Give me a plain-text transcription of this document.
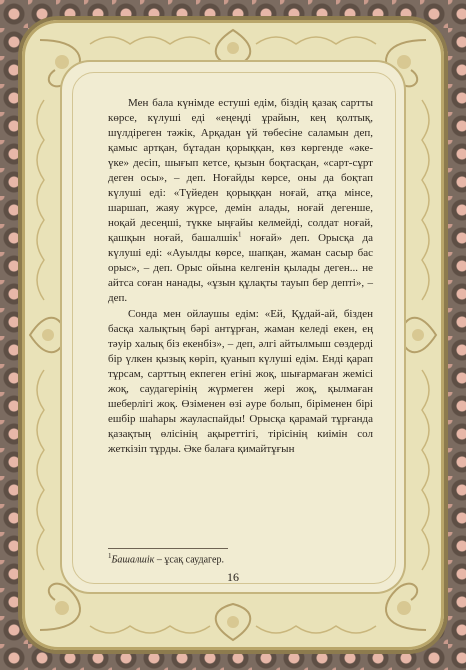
Мен бала күнімде естуші едім, біздің қазақ сартты көрсе, күлуші еді «еңеңді ұрайын, кең қолтық, шүлдіреген тәжік, Арқадан үй төбесіне саламын деп, қамыс артқан, бұтадан қорыққан, көз көргенде «әке-үке» десіп, шығып кетсе, қызын боқтасқан, «сарт-сұрт деген осы», – деп. Ноғайды көрсе, оны да боқтап күлуші еді: «Түйеден қорыққан ноғай, атқа мінсе, шаршап, жаяу жүрсе, демін алады, ноғай дегенше, ноқай десеңші, түкке ыңғайы келмейді, солдат ноғай, қашқын ноғай, башалшік$^1$ ноғай» деп. Орысқа да күлуші еді: «Ауылды көрсе, шапқан, жаман сасыр бас орыс», – деп. Орыс ойына келгенін қылады деген... не айтса соған нанады, «ұзын құлақты тауып бер депті», – деп.

Сонда мен ойлаушы едім: «Ей, Құдай-ай, бізден басқа халықтың бәрі антұрған, жаман келеді екен, ең тәуір халық біз екенбіз», – деп, әлгі айтылмыш сөздерді бір үлкен қызық көріп, қуанып күлуші едім. Енді қарап тұрсам, сарттың екпеген егіні жоқ, шығармаған жемісі жоқ, саудагерінің жүрмеген жері жоқ, қылмаған шеберлігі жоқ. Өзіменен өзі әуре болып, біріменен бірі ешбір шаһары жауласпайды! Орысқа қарамай тұрғанда қазақтың өлісінің ақыреттігі, тірісінің киімін сол жеткізіп тұрды. Әке балаға қимайтұғын

$^1$Башалшік – ұсақ саудагер.
16
